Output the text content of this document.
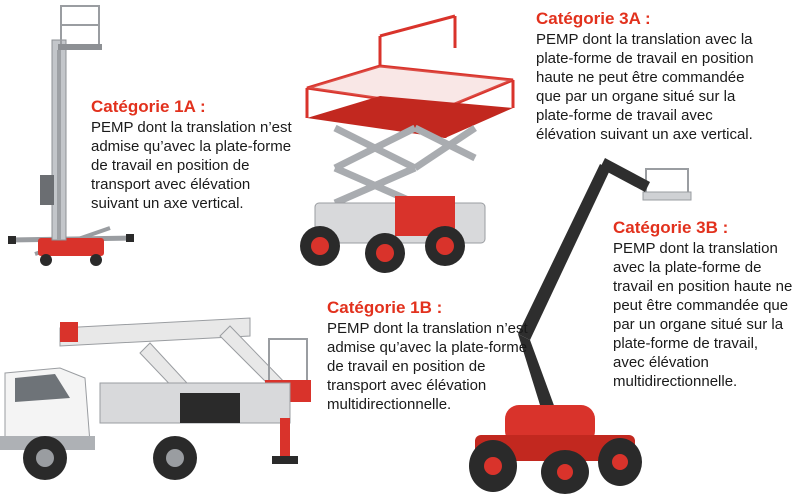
Catégorie 1A :
PEMP dont la translation n’est admise qu’avec la plate-forme de travail en position de transport avec élévation suivant un axe vertical.
Catégorie 3A :
PEMP dont la translation avec la plate-forme de travail en position haute ne peut être commandée que par un organe situé sur la plate-forme de travail avec élévation suivant un axe vertical.
Catégorie 1B :
PEMP dont la translation n’est admise qu’avec la plate-forme de travail en position de transport avec élévation multidirectionnelle.
Catégorie 3B :
PEMP dont la translation avec la plate-forme de travail en position haute ne peut être commandée que par un organe situé sur la plate-forme de travail, avec élévation multidirectionnelle.
